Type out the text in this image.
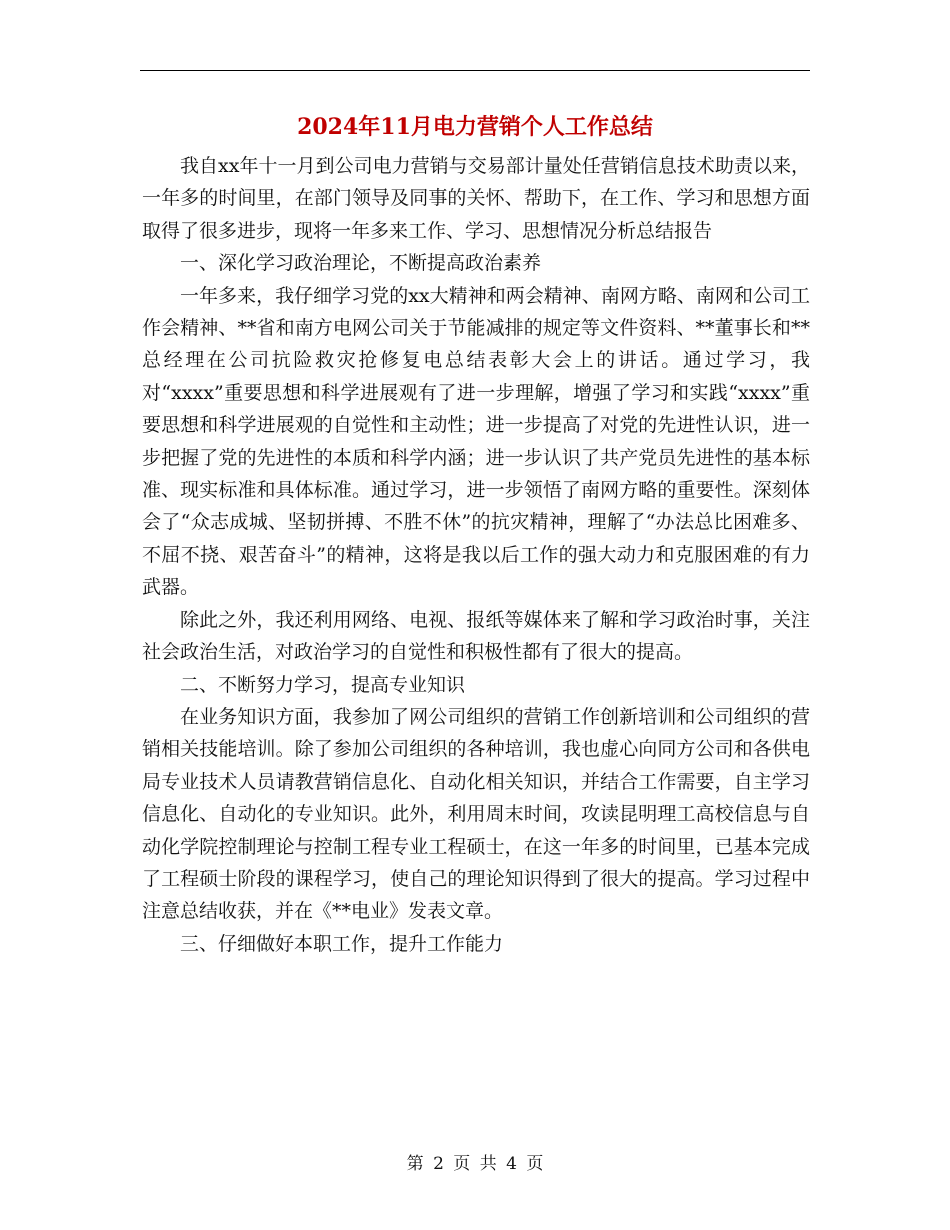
2024年11月电力营销个人工作总结

我自xx年十一月到公司电力营销与交易部计量处任营销信息技术助责以来，一年多的时间里，在部门领导及同事的关怀、帮助下，在工作、学习和思想方面取得了很多进步，现将一年多来工作、学习、思想情况分析总结报告

一、深化学习政治理论，不断提高政治素养

一年多来，我仔细学习党的xx大精神和两会精神、南网方略、南网和公司工作会精神、**省和南方电网公司关于节能减排的规定等文件资料、**董事长和**总经理在公司抗险救灾抢修复电总结表彰大会上的讲话。通过学习，我对“xxxx”重要思想和科学进展观有了进一步理解，增强了学习和实践“xxxx”重要思想和科学进展观的自觉性和主动性；进一步提高了对党的先进性认识，进一步把握了党的先进性的本质和科学内涵；进一步认识了共产党员先进性的基本标准、现实标准和具体标准。通过学习，进一步领悟了南网方略的重要性。深刻体会了“众志成城、坚韧拼搏、不胜不休”的抗灾精神，理解了“办法总比困难多、不屈不挠、艰苦奋斗”的精神，这将是我以后工作的强大动力和克服困难的有力武器。

除此之外，我还利用网络、电视、报纸等媒体来了解和学习政治时事，关注社会政治生活，对政治学习的自觉性和积极性都有了很大的提高。

二、不断努力学习，提高专业知识

在业务知识方面，我参加了网公司组织的营销工作创新培训和公司组织的营销相关技能培训。除了参加公司组织的各种培训，我也虚心向同方公司和各供电局专业技术人员请教营销信息化、自动化相关知识，并结合工作需要，自主学习信息化、自动化的专业知识。此外，利用周末时间，攻读昆明理工高校信息与自动化学院控制理论与控制工程专业工程硕士，在这一年多的时间里，已基本完成了工程硕士阶段的课程学习，使自己的理论知识得到了很大的提高。学习过程中注意总结收获，并在《**电业》发表文章。

三、仔细做好本职工作，提升工作能力

第 2 页 共 4 页
